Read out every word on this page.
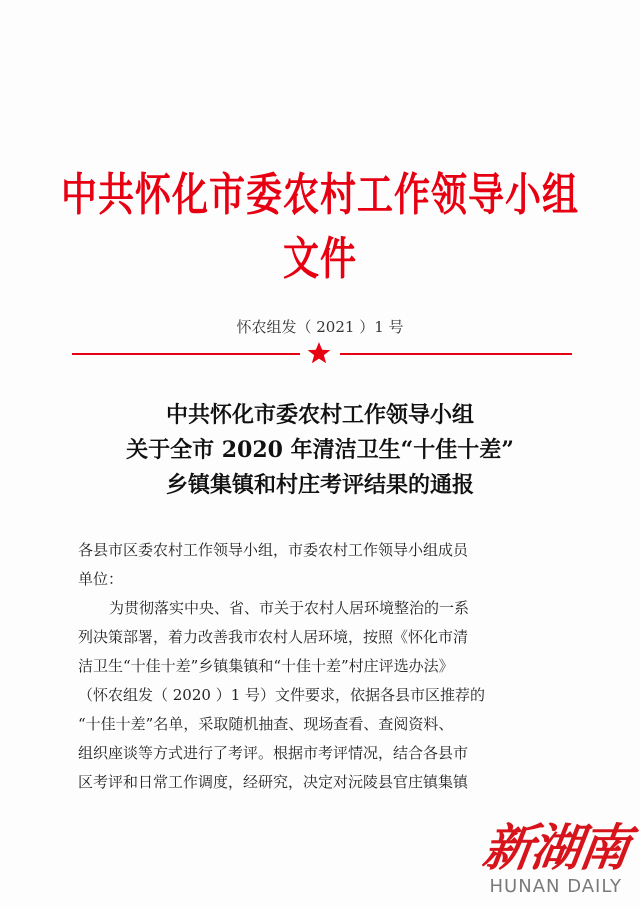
中共怀化市委农村工作领导小组文件
怀农组发（ 2021 ）1 号
中共怀化市委农村工作领导小组
关于全市 2020 年清洁卫生“十佳十差”
乡镇集镇和村庄考评结果的通报

各县市区委农村工作领导小组，市委农村工作领导小组成员

单位：

为贯彻落实中央、省、市关于农村人居环境整治的一系

列决策部署，着力改善我市农村人居环境，按照《怀化市清

洁卫生“十佳十差”乡镇集镇和“十佳十差”村庄评选办法》

（怀农组发（ 2020 ）1 号）文件要求，依据各县市区推荐的

“十佳十差”名单，采取随机抽查、现场查看、查阅资料、

组织座谈等方式进行了考评。根据市考评情况，结合各县市

区考评和日常工作调度，经研究，决定对沅陵县官庄镇集镇

新湖南
HUNAN DAILY
